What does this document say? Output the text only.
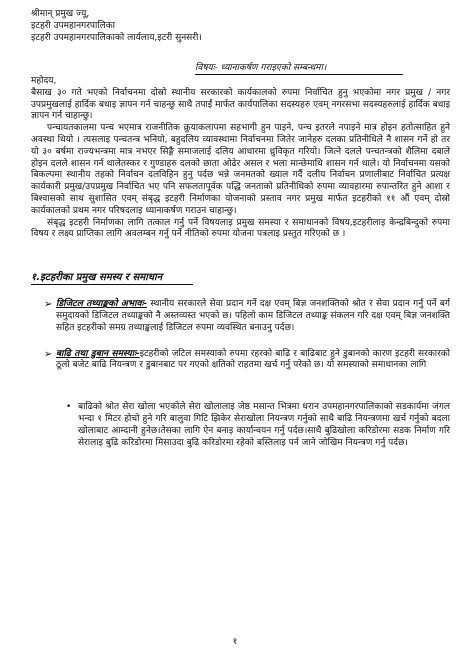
श्रीमान् प्रमुख ज्यू,
इटहरी उपमहानगरपालिका
इटहरी उपमहानगरपालिकाको लार्यलाय,इटरी सुनसरी।
विषयः- ध्यानाकर्षण गराइएको सम्बन्धमा।

महोदय,

बैसाख ३० गते भएको निर्वाचनमा दोस्रो स्थानीय सरकारको कार्यकालको रुपमा निर्वाचित हुनु भएकोमा नगर प्रमुख / नगर उपप्रमुखलाई हार्दिक बधाइ ज्ञापन गर्न चाहन्छु साथै तपाईं मार्फत कार्यपालिका सदस्यहरु एवम् नगरसभा सदस्यहरुलाई हार्दिक बधाइ ज्ञापन गर्न चाहान्छु।

पन्चायतकालमा पन्च भएमात्र राजनीतिक क्रुयाकलापमा सहभागी हुन पाइने, पन्च इतरले नपाइने मात्र होइन हतोत्साहित हुने अवस्था थियो । त्यसलाइ पन्चतन्त्र भनियो, बहुदलिय व्यावस्थामा निर्वाचनमा जितेर जानेहरु दलका प्रतिनीधिले नै शासन गर्ने हो तर यो ३० बर्षमा राज्यभन्त्रमा मात्र नभएर सिङ्गै समाजलाई दलिय आधारमा ध्रुविकृत गरियो। जित्ने दलले पन्चतन्त्रको शैलिमा दबाले होइन दलले शासन गर्न थालेतस्कर र गुण्डाहरु दलको छाता ओढेर असल र भला मान्छेमाथि शासन गर्न थाले। यो निर्वाचनमा यसको बिकल्पमा स्थानीय तहको निर्वाचन दलविहिन हुनु पर्दछ भन्ने जनमतको ख्याल गर्दै दलीय निर्वाचन प्रणालीबाट निर्वाचित प्रत्यक्ष कार्यकारी प्रमुख/उपप्रमुख निर्वाचित भए पनि सफलतापूर्वक पद्धि जनताको प्रतिनीधिको रुपमा व्यावहारमा रुपान्तरित हुने आशा र बिश्वासको साथ सुशासित एवम् संबृद्ध इटहरी निर्माणका योजनाको प्रस्ताव नगर प्रमुख मार्फत इटहरीको ११ औं एवम् दोस्रो कार्यकालको प्रथम नगर परिषदलाइ ध्यानाकर्षण गराउन चाहान्छु।

संबृद्ध इटहरी निर्माणका लागि तत्काल गर्नु पर्ने विषयलाइ प्रमुख समस्या र समाधानको विषय,इटहरीलाइ केन्द्रबिन्दुको रुपमा विषय र लक्ष्य प्राप्तिका लागि अवलम्बन गर्नु पर्ने नीतिको रुपमा योजना पत्रलाइ प्रस्तुत गरिएको छ ।

१.इटहरीका प्रमुख समस्य र समाधान
➢ डिजिटल तथ्याङ्कको अभावः- स्थानीय सरकारले सेवा प्रदान गर्ने दक्ष एवम् बिज्ञ जनशक्तिको श्रोत र सेवा प्रदान गर्नु पर्ने बर्ग समुदायको डिजिटल तथ्याङ्कको नै अस्तव्यस्त भएको छ। पहिलो काम डिजिटल तथ्याङ्क संकलन गरि दक्ष एवम् बिज्ञ जनशक्ति सहित इटहरीको समग्र तथ्याङ्कलाई डिजिटल रुपमा व्यवस्थित बनाउनु पर्दछ।
➢ बाढि तथा डुबान समस्याः-इटहरीको जटिल समस्याको रुपमा रहरको बाढि र बाढिबाट हुने डुबानको कारण इटहरी सरकारको ठूलो बजेट बाढि नियन्त्रण र डुबानबाट पर गएको क्षतिको राहतमा खर्च गर्नु परेको छ। यो समस्याको समाधानका लागि
• बाढिको श्रोत सेरा खोला भएकोले सेरा खोलालाइ जेष्ठ मसान्त भित्रमा धरान उपमहानगरपालिकाको सडकार्यमा जंगल भन्दा १ मिटर होचो हुने गरि बालुवा गिटि झिकेर सेराखोला नियन्त्रण गर्नुको साथै बाढि नियन्त्रणमा खर्च गर्नुको बदला खोलाबाट आम्दानी हुनेछ।तेसका लागि ऐन बनाइ कार्यान्वयन गर्नु पर्दछ।साथै बुढिखोला करिडोरमा सडक निर्माण गरि सेरालाइ बुढि करिडोरमा मिसाउदा बुढि करिडोरमा रहेको बस्तिलाइ पर्न जाने जोखिम नियन्त्रण गर्नु पर्दछ।
१
